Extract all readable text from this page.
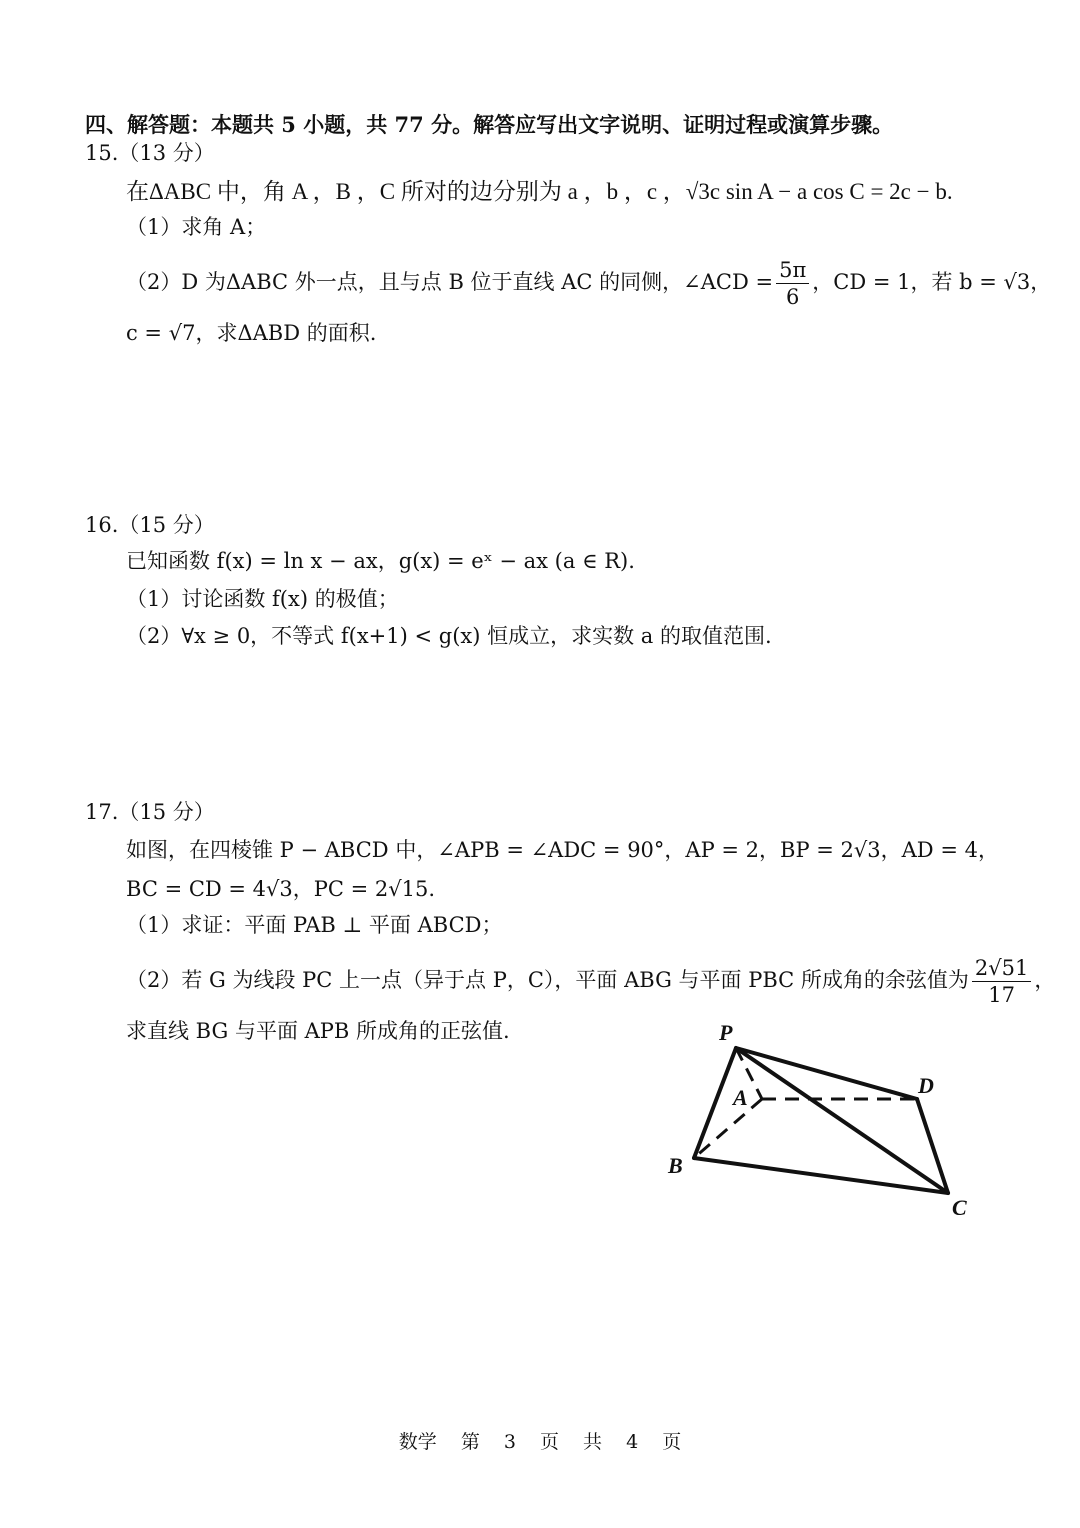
四、解答题：本题共 5 小题，共 77 分。解答应写出文字说明、证明过程或演算步骤。
15.（13 分）
在ΔABC 中，角 A ，B ，C 所对的边分别为 a ，b ，c ，√3c sin A − a cos C = 2c − b.
（1）求角 A；
（2）D 为ΔABC 外一点，且与点 B 位于直线 AC 的同侧，∠ACD = $\frac{5\pi}{6}$ ，CD = 1，若 b = √3，
c = √7，求ΔABD 的面积.
16.（15 分）
已知函数 f(x) = ln x − ax，g(x) = eˣ − ax (a ∈ R).
（1）讨论函数 f(x) 的极值；
（2）∀x ≥ 0，不等式 f(x+1) < g(x) 恒成立，求实数 a 的取值范围.
17.（15 分）
如图，在四棱锥 P − ABCD 中，∠APB = ∠ADC = 90°，AP = 2，BP = 2√3，AD = 4，
BC = CD = 4√3，PC = 2√15.
（1）求证：平面 PAB ⊥ 平面 ABCD；
（2）若 G 为线段 PC 上一点（异于点 P，C），平面 ABG 与平面 PBC 所成角的余弦值为 $\frac{2√51}{17}$ ，
求直线 BG 与平面 APB 所成角的正弦值.	P
A
B
C
D
数学 第 3 页 共 4 页
